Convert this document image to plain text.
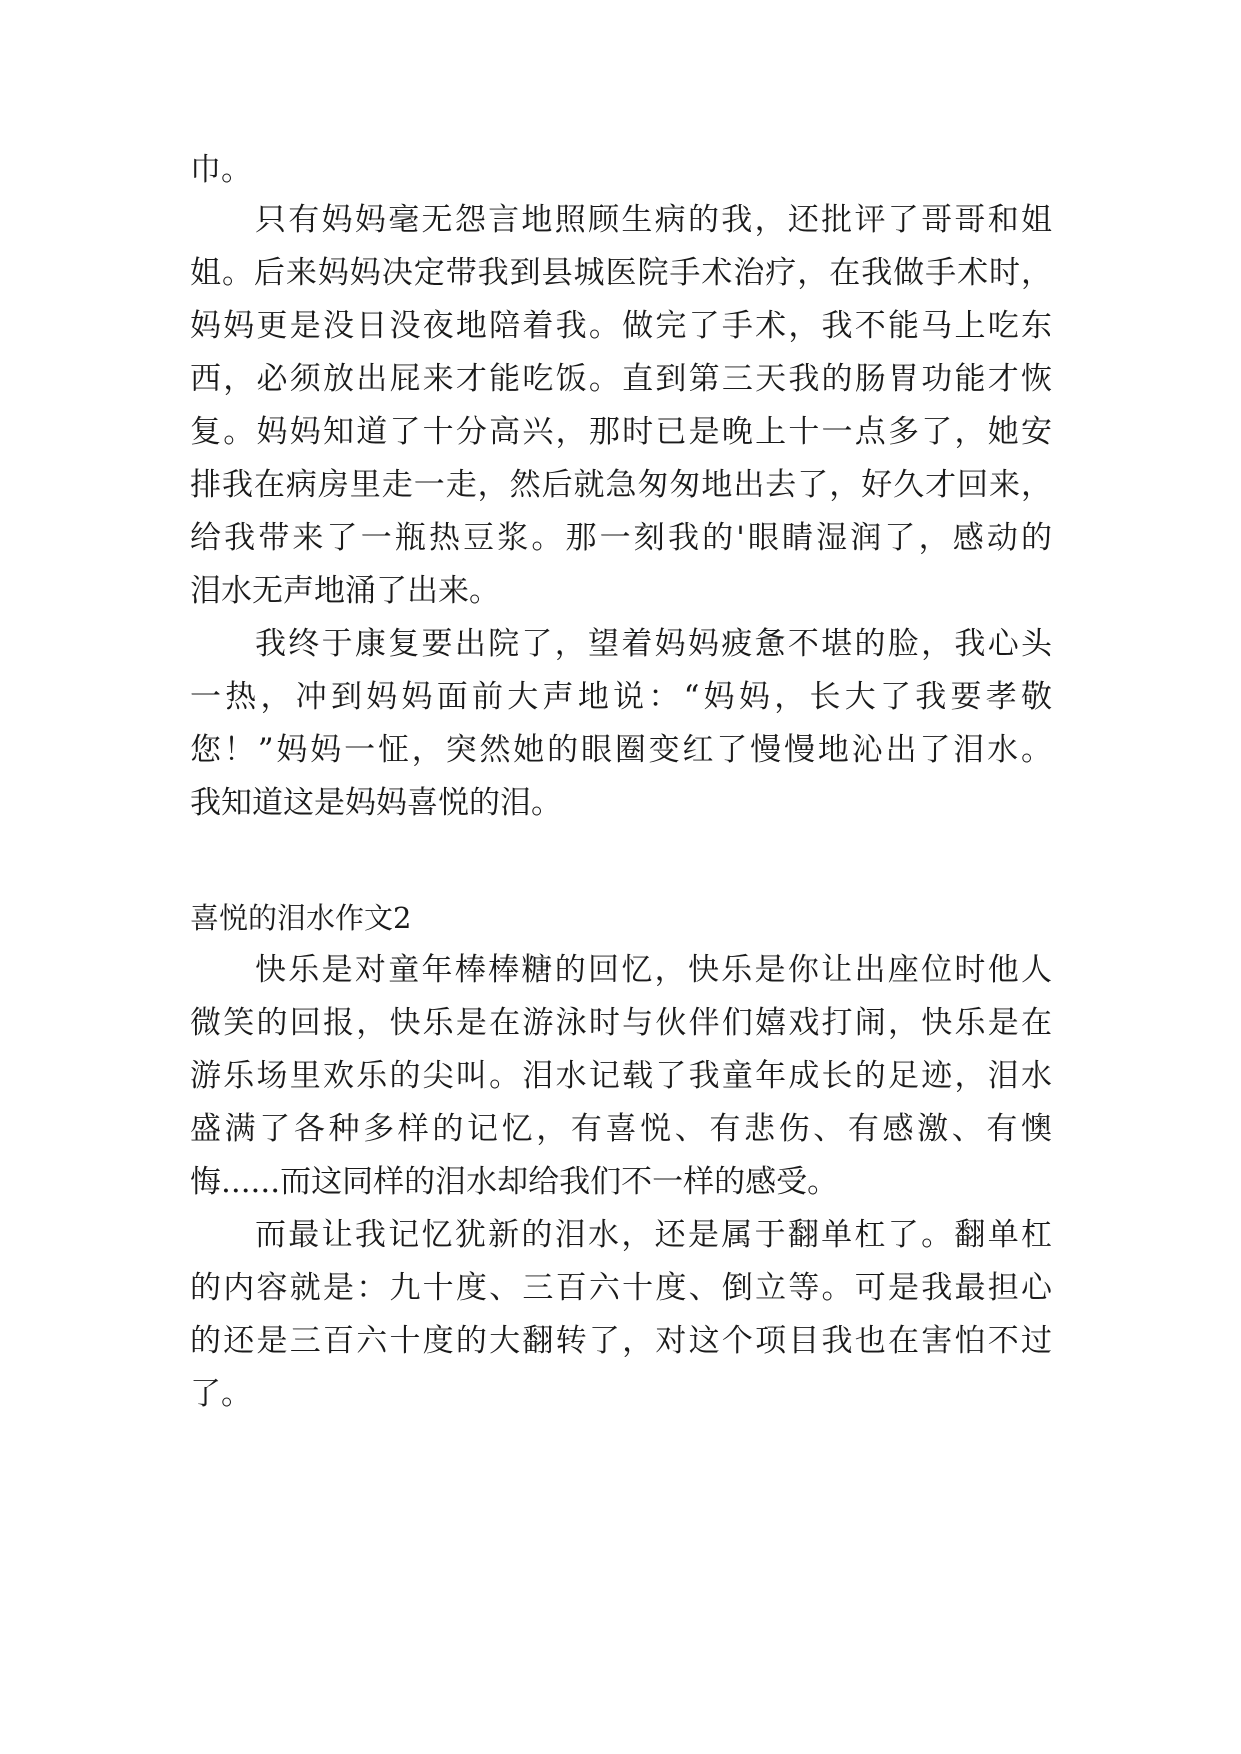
巾。
只有妈妈毫无怨言地照顾生病的我，还批评了哥哥和姐
姐。后来妈妈决定带我到县城医院手术治疗，在我做手术时，
妈妈更是没日没夜地陪着我。做完了手术，我不能马上吃东
西，必须放出屁来才能吃饭。直到第三天我的肠胃功能才恢
复。妈妈知道了十分高兴，那时已是晚上十一点多了，她安
排我在病房里走一走，然后就急匆匆地出去了，好久才回来，
给我带来了一瓶热豆浆。那一刻我的'眼睛湿润了，感动的
泪水无声地涌了出来。
我终于康复要出院了，望着妈妈疲惫不堪的脸，我心头
一热，冲到妈妈面前大声地说：“妈妈，长大了我要孝敬
您！”妈妈一怔，突然她的眼圈变红了慢慢地沁出了泪水。
我知道这是妈妈喜悦的泪。
喜悦的泪水作文2
快乐是对童年棒棒糖的回忆，快乐是你让出座位时他人
微笑的回报，快乐是在游泳时与伙伴们嬉戏打闹，快乐是在
游乐场里欢乐的尖叫。泪水记载了我童年成长的足迹，泪水
盛满了各种多样的记忆，有喜悦、有悲伤、有感激、有懊
悔......而这同样的泪水却给我们不一样的感受。
而最让我记忆犹新的泪水，还是属于翻单杠了。翻单杠
的内容就是：九十度、三百六十度、倒立等。可是我最担心
的还是三百六十度的大翻转了，对这个项目我也在害怕不过
了。
